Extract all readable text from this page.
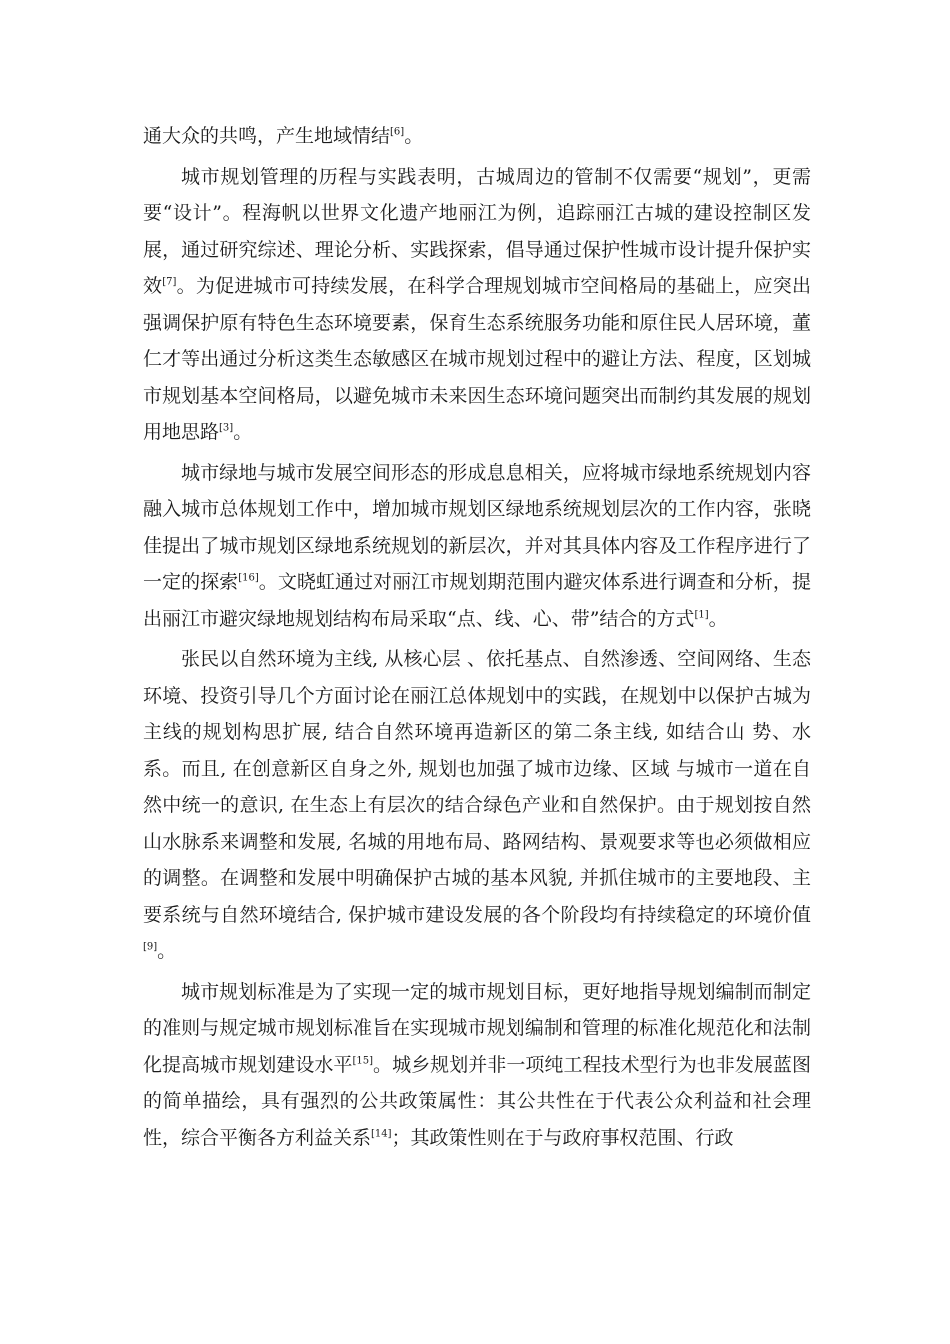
通大众的共鸣，产生地域情结[6]。

城市规划管理的历程与实践表明，古城周边的管制不仅需要“规划”，更需要“设计”。程海帆以世界文化遗产地丽江为例，追踪丽江古城的建设控制区发展，通过研究综述、理论分析、实践探索，倡导通过保护性城市设计提升保护实效[7]。为促进城市可持续发展，在科学合理规划城市空间格局的基础上，应突出强调保护原有特色生态环境要素，保育生态系统服务功能和原住民人居环境，董仁才等出通过分析这类生态敏感区在城市规划过程中的避让方法、程度，区划城市规划基本空间格局，以避免城市未来因生态环境问题突出而制约其发展的规划用地思路[3]。

城市绿地与城市发展空间形态的形成息息相关，应将城市绿地系统规划内容融入城市总体规划工作中，增加城市规划区绿地系统规划层次的工作内容，张晓佳提出了城市规划区绿地系统规划的新层次，并对其具体内容及工作程序进行了一定的探索[16]。文晓虹通过对丽江市规划期范围内避灾体系进行调查和分析，提出丽江市避灾绿地规划结构布局采取“点、线、心、带”结合的方式[1]。

张民以自然环境为主线, 从核心层 、依托基点、自然渗透、空间网络、生态环境、投资引导几个方面讨论在丽江总体规划中的实践，在规划中以保护古城为主线的规划构思扩展, 结合自然环境再造新区的第二条主线, 如结合山 势、水系。而且, 在创意新区自身之外, 规划也加强了城市边缘、区域 与城市一道在自然中统一的意识, 在生态上有层次的结合绿色产业和自然保护。由于规划按自然山水脉系来调整和发展, 名城的用地布局、路网结构、景观要求等也必须做相应的调整。在调整和发展中明确保护古城的基本风貌, 并抓住城市的主要地段、主要系统与自然环境结合, 保护城市建设发展的各个阶段均有持续稳定的环境价值[9]。

城市规划标准是为了实现一定的城市规划目标，更好地指导规划编制而制定的准则与规定城市规划标准旨在实现城市规划编制和管理的标准化规范化和法制化提高城市规划建设水平[15]。城乡规划并非一项纯工程技术型行为也非发展蓝图的简单描绘，具有强烈的公共政策属性：其公共性在于代表公众利益和社会理性，综合平衡各方利益关系[14]；其政策性则在于与政府事权范围、行政
